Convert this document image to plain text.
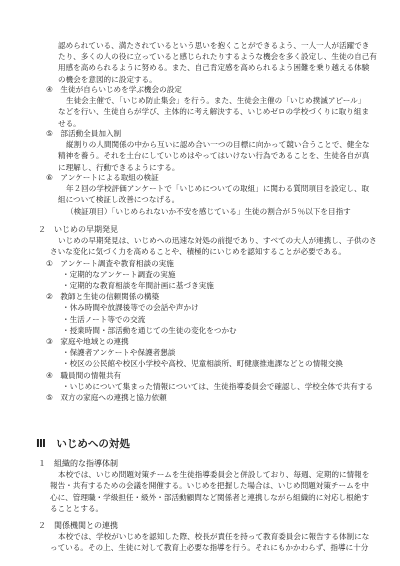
認められている、満たされているという思いを抱くことができるよう、一人一人が活躍でき
たり、多くの人の役に立っていると感じられたりするような機会を多く設定し、生徒の自己有
用感を高められるように努める。また、自己肯定感を高められるよう困難を乗り越える体験
の機会を意図的に設定する。
④　生徒が自らいじめを学ぶ機会の設定
生徒会主催で、「いじめ防止集会」を行う。また、生徒会主催の「いじめ撲滅アピール」
などを行い、生徒自らが学び、主体的に考え解決する、いじめゼロの学校づくりに取り組ま
せる。
⑤　部活動全員加入制
縦割りの人間関係の中から互いに認め合い一つの目標に向かって競い合うことで、健全な
精神を養う。それを土台にしていじめはやってはいけない行為であることを、生徒各自が真
に理解し、行動できるようにする。
⑥　アンケートによる取組の検証
年２回の学校評価アンケートで「いじめについての取組」に関わる質問項目を設定し、取
組について検証し改善につなげる。
（検証項目）「いじめられないか不安を感じている」生徒の割合が５％以下を目指す
２　いじめの早期発見
いじめの早期発見は、いじめへの迅速な対処の前提であり、すべての大人が連携し、子供のさ
さいな変化に気づく力を高めることや、積極的にいじめを認知することが必要である。
①　アンケート調査や教育相談の実施
・定期的なアンケート調査の実施
・定期的な教育相談を年間計画に基づき実施
②　教師と生徒の信頼関係の構築
・休み時間や放課後等での会話や声かけ
・生活ノート等での交流
・授業時間・部活動を通じての生徒の変化をつかむ
③　家庭や地域との連携
・保護者アンケートや保護者懇談
・校区の公民館や校区小学校や高校、児童相談所、町健康推進課などとの情報交換
④　職員間の情報共有
・いじめについて集まった情報については、生徒指導委員会で確認し、学校全体で共有する
⑤　双方の家庭への連携と協力依頼
Ⅲ　いじめへの対処
１　組織的な指導体制
本校では、いじめ問題対策チームを生徒指導委員会と併設しており、毎週、定期的に情報を
報告・共有するための会議を開催する。いじめを把握した場合は、いじめ問題対策チームを中
心に、管理職・学級担任・級外・部活動顧問など関係者と連携しながら組織的に対応し根絶す
ることとする。
２　関係機関との連携
本校では、学校がいじめを認知した際、校長が責任を持って教育委員会に報告する体制にな
っている。その上、生徒に対して教育上必要な指導を行う。それにもかかわらず、指導に十分
